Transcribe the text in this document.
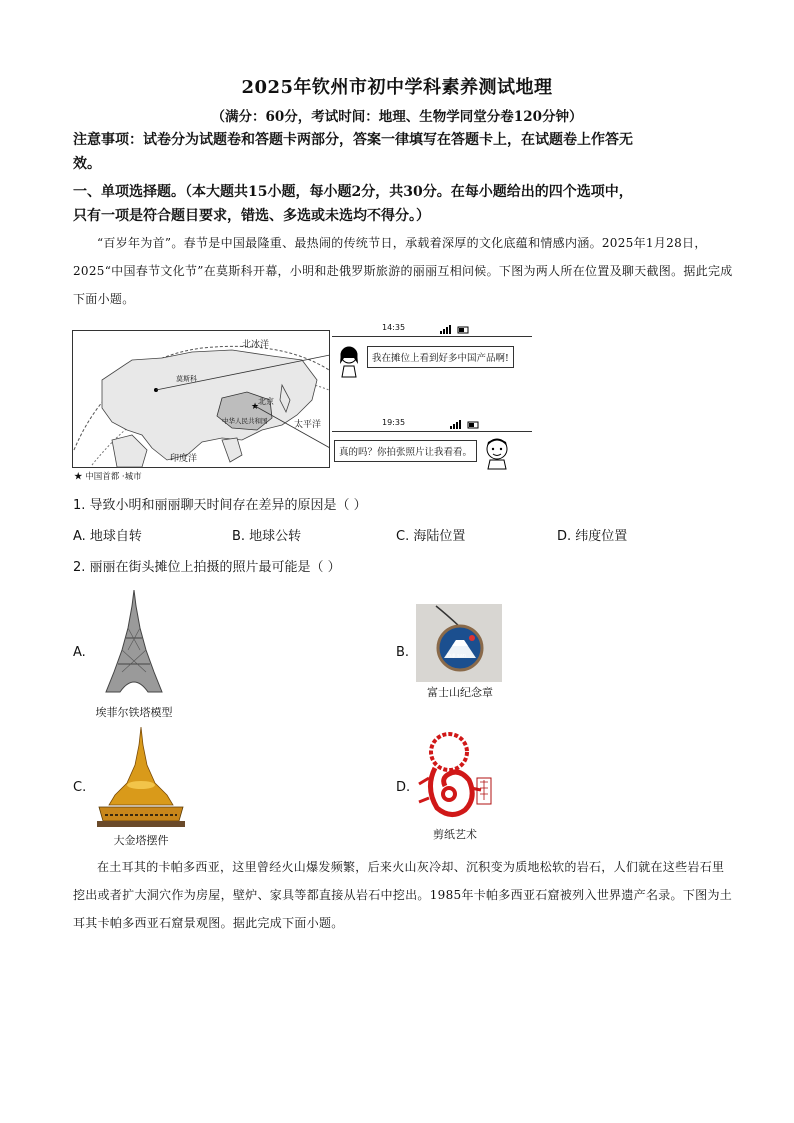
2025年钦州市初中学科素养测试地理
（满分：60分，考试时间：地理、生物学同堂分卷120分钟）
注意事项：试卷分为试题卷和答题卡两部分，答案一律填写在答题卡上，在试题卷上作答无
效。
一、单项选择题。（本大题共15小题，每小题2分，共30分。在每小题给出的四个选项中，
只有一项是符合题目要求，错选、多选或未选均不得分。）
“百岁年为首”。春节是中国最隆重、最热闹的传统节日，承载着深厚的文化底蕴和情感内涵。2025年1月28日，2025“中国春节文化节”在莫斯科开幕，小明和赴俄罗斯旅游的丽丽互相问候。下图为两人所在位置及聊天截图。据此完成下面小题。
★
北冰洋
莫斯科
北京
中华人民共和国	太平洋
印度洋
★ 中国首都 ·城市
14:35
我在摊位上看到好多中国产品啊!
19:35
真的吗？你拍张照片让我看看。
1. 导致小明和丽丽聊天时间存在差异的原因是（ ）
A. 地球自转	B. 地球公转	C. 海陆位置	D. 纬度位置
2. 丽丽在街头摊位上拍摄的照片最可能是（ ）
A.
埃菲尔铁塔模型
B.	Fuji san
富士山纪念章
C.
大金塔摆件
D.
剪纸艺术
在土耳其的卡帕多西亚，这里曾经火山爆发频繁，后来火山灰冷却、沉积变为质地松软的岩石，人们就在这些岩石里挖出或者扩大洞穴作为房屋，壁炉、家具等都直接从岩石中挖出。1985年卡帕多西亚石窟被列入世界遗产名录。下图为土耳其卡帕多西亚石窟景观图。据此完成下面小题。
